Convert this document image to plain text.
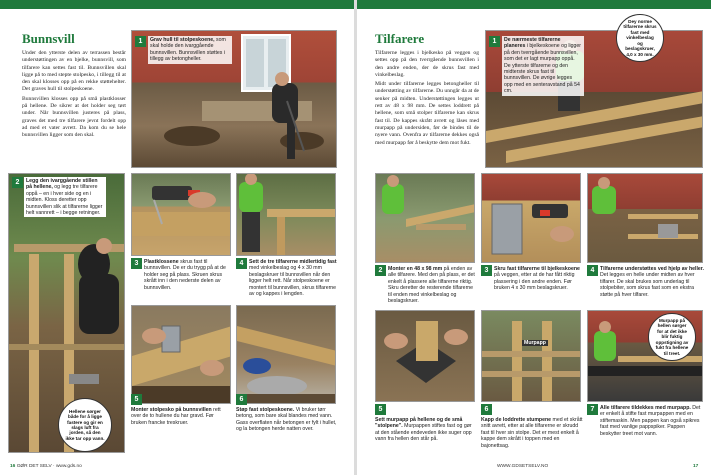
Bunnsvill

Under den ytterste delen av terrassen består understøttingen av en bjelke, bunnsvill, som tilfarere kan settes fast til. Bunnsvillen skal ligge på to med stepte stolpesko, i tillegg til at den skal klosses opp på en rekke støttehelter. Det graves hull til stolpeskoene.

Bunnsvillen klosses opp på små plastklosser på hellene. De sikrer at det holder seg tørt under. Når bunnsvillen justeres på plass, graves det med tre tilfarere jevnt fordelt opp ad med et vater avrett. Da kom du se hele bunnsvillen ligger som den skal.

1	Grav hull til stolpeskoene, som skal holde den ivarggående bunnsvillen. Bunnsvillen støttes i tillegg av betongheller.
2	Legg den ivarggående stillen på hellene, og legg tre tilfarere oppå – en i hver side og en i midten. Kloss deretter opp bunnsvillen slik at tilfarerne ligger helt vannrett – i begge retninger.
Hellene sørger både for å ligge fastere og gir en slags luft fra jorden, så den ikke tar opp vann.
3	Plastklossene skrus fast til bunnsvillen. De er du trygg på at de holder seg på plass. Skruen skrus skrått inn i den nederste delen av bunnsvillen.
4	Sett de tre tilfarerne midlertidig fast med vinkelbeslag og 4 x 30 mm beslagskruer til bunnsvillen når den ligger helt rett. Når stolpeskoene er montert til bunnsvillen, skrus tilfarerne av og kappes i lengden.
5
Monter stolpesko på bunnsvillen rett over de to hullene du har gravd. Før bruken francke treskruer.
6
Støp fast stolpeskoene. Vi bruker tørr betong, som bare skal blandes med vann. Gass overflaten når betongen er fylt i hullet, og la betongen herde natten over.
16 GØR DET SELV · www.gds.no
Tilfarere

Tilfarerne legges i bjelkesko på veggen og settes opp på den tverrgående bunnsvillen i den andre enden, der de skrus fast med vinkelbeslag.

Midt under tilfarerne legges betongheller til understøtting av tilfarerne. Du unngår da at de senker på midten. Understøttingen legges ut rett av 48 x 98 mm. De settes loddrett på hellene, som små stolper tilfarerne kan skrus fast til. De kappes skrått avrett og låses med murpapp på undersiden, før de bindes til de nyere vann. Ovenfra av tilfarerne dekkes også med murpapp før å beskytte dem mot fukt.

1	De nærmeste tilfarerne planeres i bjelkeskoene og ligger på den tverrgående bunnsvillen, som det er lagt murpapp oppå. De ytterste tilfarerne og den midterste skrus fast til bunnsvillen. De øvrige legges opp med en senteravstand på 54 cm.
Dey norme tilfarerne skrus fast med vinkelbeslag og beslagskruer, 4,0 x 30 mm.
2	Monter en 48 x 98 mm på enden av alle tilfarere. Med den på plass, er det enkelt å plassere alle tilfarerne riktig. Skru deretter de resterende tilfarerne til enden med vinkelbeslag og beslagskruer.
3	Skru fast tilfarerne til bjelkeskoene på veggen, etter at de har fått riktig plassering i den andre enden. Før bruken 4 x 30 mm beslagskruer.
4	Tilfarerne understøttes ved hjelp av heller. Det legges en helle under midten av hver tilfarer. De skal brukes som underlag til stolpebiter, som skrus fast som en ekstra støtte på hver tilfarer.
5
Sett murpapp på hellene og de små "stolpene". Murpappen stiftes fast og gør at den stående endeveden ikke suger opp vann fra hellen den står på.
Murpapp
6
Kapp de loddrette stumpene med et skrått snitt avrett, etter at alle tilfarerne er skrudd fast til hver sin stolpe. Det er mest enkelt å kappe dem skrått i toppen med en bajonettsag.
Murpapp på hellen sørger for at det ikke blir fuktig oppstigning av fukt fra hellene til treet.
7	Alle tilfarere tildekkes med murpapp. Det er enkelt å stifte fast murpappen med en stiftemaskin. Men pappen kan også spikres fast med vanlige pappspiker. Pappen beskytter treet mot vann.
WWW.GDSETSELV.NO	17
